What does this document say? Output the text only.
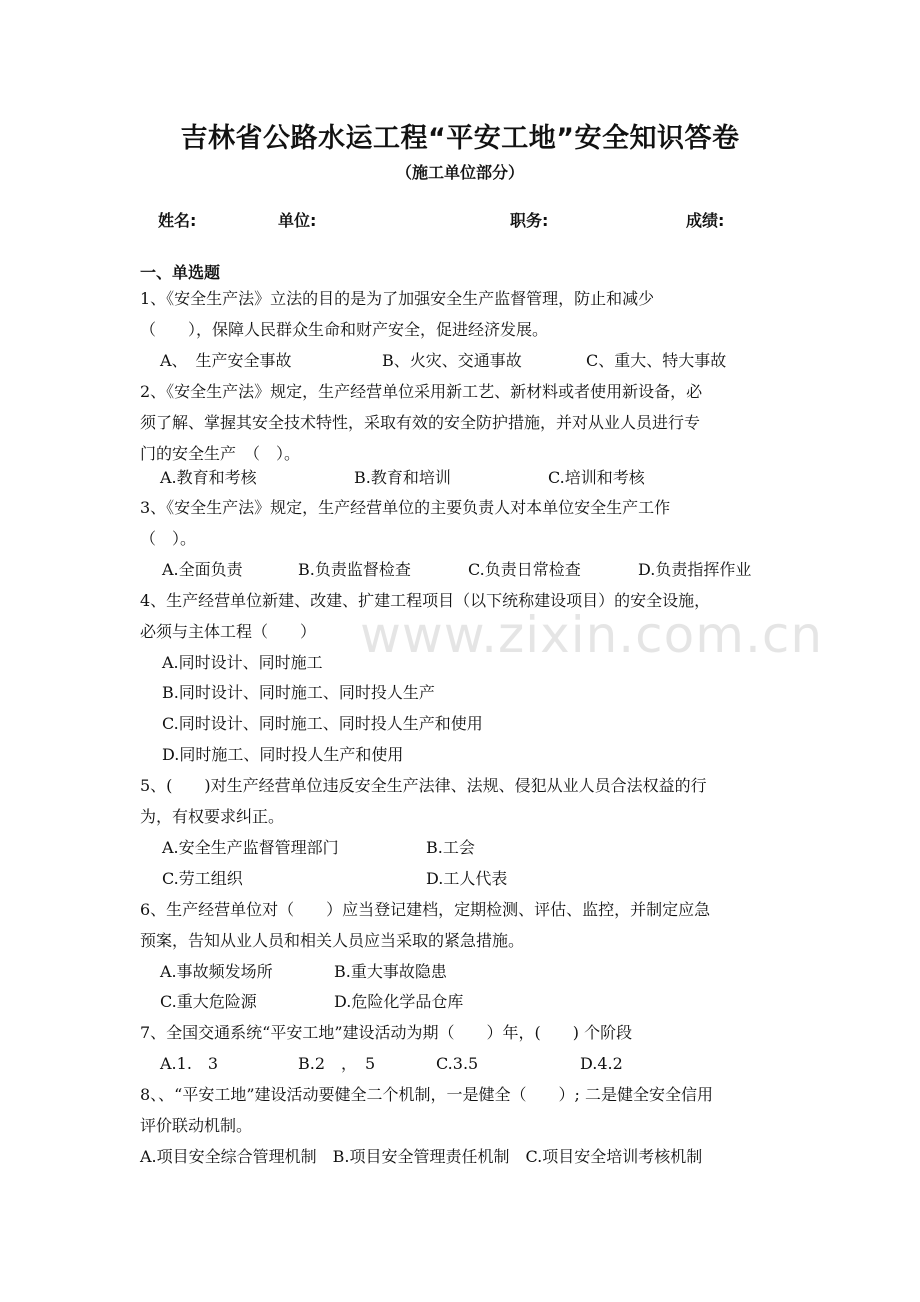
吉林省公路水运工程“平安工地”安全知识答卷
（施工单位部分）
姓名:	单位:	职务:	成绩:
一、单选题
1、《安全生产法》立法的目的是为了加强安全生产监督管理，防止和减少
（　　），保障人民群众生命和财产安全，促进经济发展。
A、　生产安全事故	B、火灾、交通事故	C、重大、特大事故
2、《安全生产法》规定，生产经营单位采用新工艺、新材料或者使用新设备，必
须了解、掌握其安全技术特性，采取有效的安全防护措施，并对从业人员进行专
门的安全生产　（　）。
A.教育和考核	B.教育和培训	C.培训和考核
3、《安全生产法》规定，生产经营单位的主要负责人对本单位安全生产工作
（　）。
A.全面负责	B.负责监督检查	C.负责日常检查	D.负责指挥作业
4、生产经营单位新建、改建、扩建工程项目（以下统称建设项目）的安全设施，
必须与主体工程（　　）
A.同时设计、同时施工
B.同时设计、同时施工、同时投人生产
C.同时设计、同时施工、同时投人生产和使用
D.同时施工、同时投人生产和使用
5、(　　)对生产经营单位违反安全生产法律、法规、侵犯从业人员合法权益的行
为，有权要求纠正。
A.安全生产监督管理部门	B.工会
C.劳工组织	D.工人代表
6、生产经营单位对（　　）应当登记建档，定期检测、评估、监控，并制定应急
预案，告知从业人员和相关人员应当采取的紧急措施。
A.事故频发场所	B.重大事故隐患
C.重大危险源	D.危险化学品仓库
7、全国交通系统“平安工地”建设活动为期（　　）年，(　　) 个阶段
A.1.　3	B.2　，　5	C.3.5	D.4.2
8、、“平安工地”建设活动要健全二个机制，一是健全（　　）; 二是健全安全信用
评价联动机制。
A.项目安全综合管理机制　B.项目安全管理责任机制　C.项目安全培训考核机制
www.zixin.com.cn
